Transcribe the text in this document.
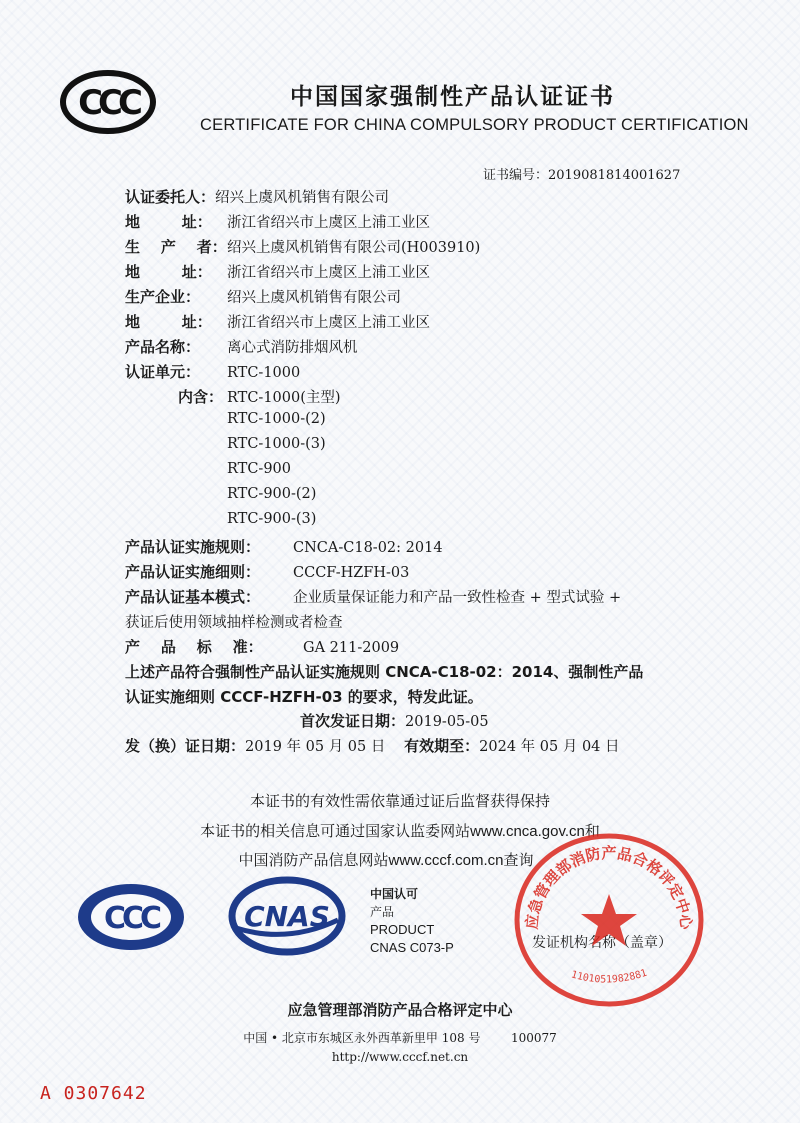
CCC	中国国家强制性产品认证证书
CERTIFICATE FOR CHINA COMPULSORY PRODUCT CERTIFICATION
证书编号：2019081814001627
认证委托人：绍兴上虞风机销售有限公司
地        址： 浙江省绍兴市上虞区上浦工业区
生    产    者：绍兴上虞风机销售有限公司(H003910)
地        址： 浙江省绍兴市上虞区上浦工业区
生产企业： 绍兴上虞风机销售有限公司
地        址： 浙江省绍兴市上虞区上浦工业区
产品名称： 离心式消防排烟风机
认证单元： RTC-1000
内含： RTC-1000(主型)
RTC-1000-(2)
RTC-1000-(3)
RTC-900
RTC-900-(2)
RTC-900-(3)
产品认证实施规则： CNCA-C18-02: 2014
产品认证实施细则： CCCF-HZFH-03
产品认证基本模式： 企业质量保证能力和产品一致性检查 + 型式试验 +
获证后使用领域抽样检测或者检查
产    品    标    准：	GA 211-2009
上述产品符合强制性产品认证实施规则 CNCA-C18-02：2014、强制性产品
认证实施细则 CCCF-HZFH-03 的要求，特发此证。
首次发证日期：2019-05-05
发（换）证日期：2019 年 05 月 05 日 有效期至：2024 年 05 月 04 日
本证书的有效性需依靠通过证后监督获得保持
本证书的相关信息可通过国家认监委网站www.cnca.gov.cn和
中国消防产品信息网站www.cccf.com.cn查询
CCC	CNAS
中国认可
产品
PRODUCT
CNAS C073-P	发证机构名称（盖章）
应急管理部消防产品合格评定中心
1101051982881
应急管理部消防产品合格评定中心
中国 • 北京市东城区永外西革新里甲 108 号        100077
http://www.cccf.net.cn
A 0307642
